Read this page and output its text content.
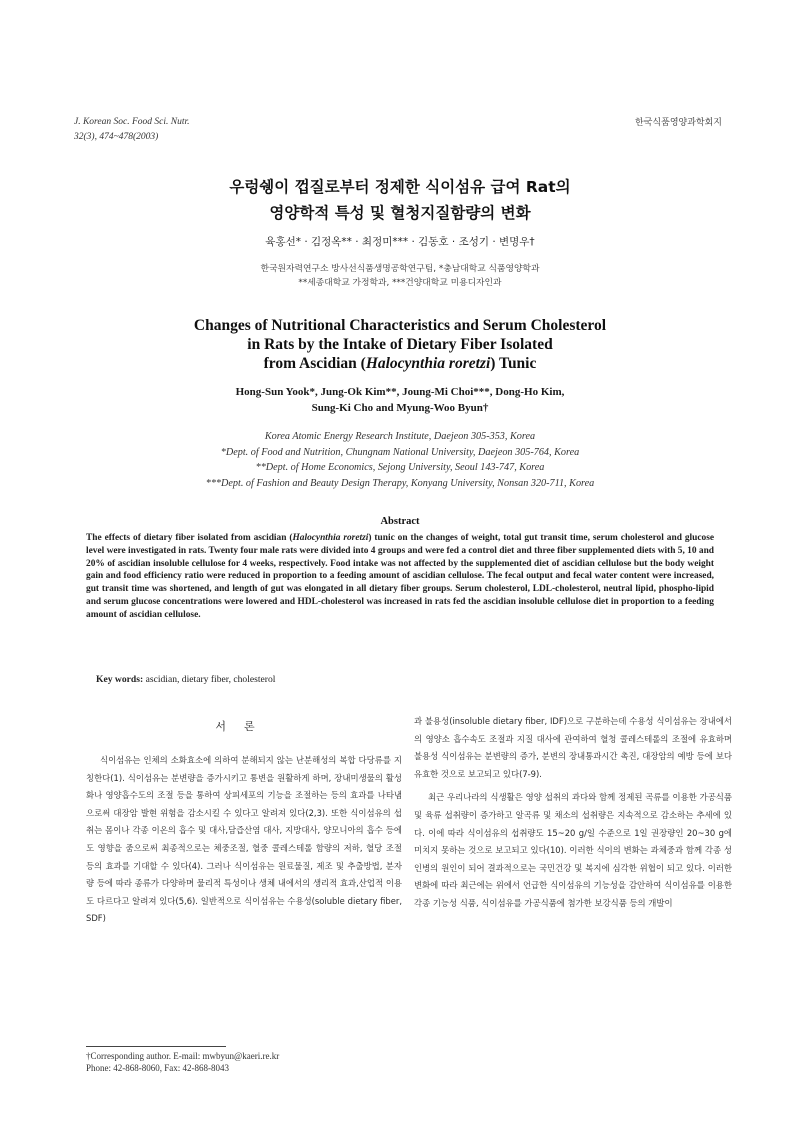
J. Korean Soc. Food Sci. Nutr.
32(3), 474~478(2003)
한국식품영양과학회지
우렁쉥이 껍질로부터 정제한 식이섬유 급여 Rat의
영양학적 특성 및 혈청지질함량의 변화
육홍선* · 김정옥** · 최정미*** · 김동호 · 조성기 · 변명우†
한국원자력연구소 방사선식품생명공학연구팀, *충남대학교 식품영양학과
**세종대학교 가정학과, ***건양대학교 미용디자인과
Changes of Nutritional Characteristics and Serum Cholesterol
in Rats by the Intake of Dietary Fiber Isolated
from Ascidian (Halocynthia roretzi) Tunic
Hong-Sun Yook*, Jung-Ok Kim**, Joung-Mi Choi***, Dong-Ho Kim,
Sung-Ki Cho and Myung-Woo Byun†
Korea Atomic Energy Research Institute, Daejeon 305-353, Korea
*Dept. of Food and Nutrition, Chungnam National University, Daejeon 305-764, Korea
**Dept. of Home Economics, Sejong University, Seoul 143-747, Korea
***Dept. of Fashion and Beauty Design Therapy, Konyang University, Nonsan 320-711, Korea
Abstract
The effects of dietary fiber isolated from ascidian (Halocynthia roretzi) tunic on the changes of weight, total gut transit time, serum cholesterol and glucose level were investigated in rats. Twenty four male rats were divided into 4 groups and were fed a control diet and three fiber supplemented diets with 5, 10 and 20% of ascidian insoluble cellulose for 4 weeks, respectively. Food intake was not affected by the supplemented diet of ascidian cellulose but the body weight gain and food efficiency ratio were reduced in proportion to a feeding amount of ascidian cellulose. The fecal output and fecal water content were increased, gut transit time was shortened, and length of gut was elongated in all dietary fiber groups. Serum cholesterol, LDL-cholesterol, neutral lipid, phospho-lipid and serum glucose concentrations were lowered and HDL-cholesterol was increased in rats fed the ascidian insoluble cellulose diet in proportion to a feeding amount of ascidian cellulose.
Key words: ascidian, dietary fiber, cholesterol
서론

식이섬유는 인체의 소화효소에 의하여 분해되지 않는 난분해성의 복합 다당류를 지칭한다(1). 식이섬유는 분변량을 증가시키고 통변을 원활하게 하며, 장내미생물의 활성화나 영양흡수도의 조절 등을 통하여 상피세포의 기능을 조절하는 등의 효과를 나타냄으로써 대장암 발현 위험을 감소시킬 수 있다고 알려져 있다(2,3). 또한 식이섬유의 섭취는 몸이나 각종 이온의 흡수 및 대사,담즙산염 대사, 지방대사, 양모니아의 흡수 등에도 영향을 줌으로써 최종적으로는 체중조절, 혈중 콜레스테롤 함량의 저하, 혈당 조절 등의 효과를 기대할 수 있다(4). 그러나 식이섬유는 원료물질, 제조 및 추출방법, 분자량 등에 따라 종류가 다양하며 물리적 특성이나 생체 내에서의 생리적 효과,산업적 이용도 다르다고 알려져 있다(5,6). 일반적으로 식이섬유는 수용성(soluble dietary fiber, SDF)

과 불용성(insoluble dietary fiber, IDF)으로 구분하는데 수용성 식이섬유는 장내에서의 영양소 흡수속도 조절과 지질 대사에 관여하여 혈청 콜레스테롤의 조절에 유효하며 불용성 식이섬유는 분변량의 증가, 분변의 장내통과시간 촉진, 대장암의 예방 등에 보다 유효한 것으로 보고되고 있다(7-9).

최근 우리나라의 식생활은 영양 섭취의 과다와 함께 정제된 곡류를 이용한 가공식품 및 육류 섭취량이 증가하고 알곡류 및 채소의 섭취량은 지속적으로 감소하는 추세에 있다. 이에 따라 식이섬유의 섭취량도 15~20 g/일 수준으로 1일 권장량인 20~30 g에 미치지 못하는 것으로 보고되고 있다(10). 이러한 식이의 변화는 과체중과 함께 각종 성인병의 원인이 되어 결과적으로는 국민건강 및 복지에 심각한 위협이 되고 있다. 이러한 변화에 따라 최근에는 위에서 언급한 식이섬유의 기능성을 감안하여 식이섬유를 이용한 각종 기능성 식품, 식이섬유를 가공식품에 첨가한 보강식품 등의 개발이

†Corresponding author. E-mail: mwbyun@kaeri.re.kr
Phone: 42-868-8060, Fax: 42-868-8043
